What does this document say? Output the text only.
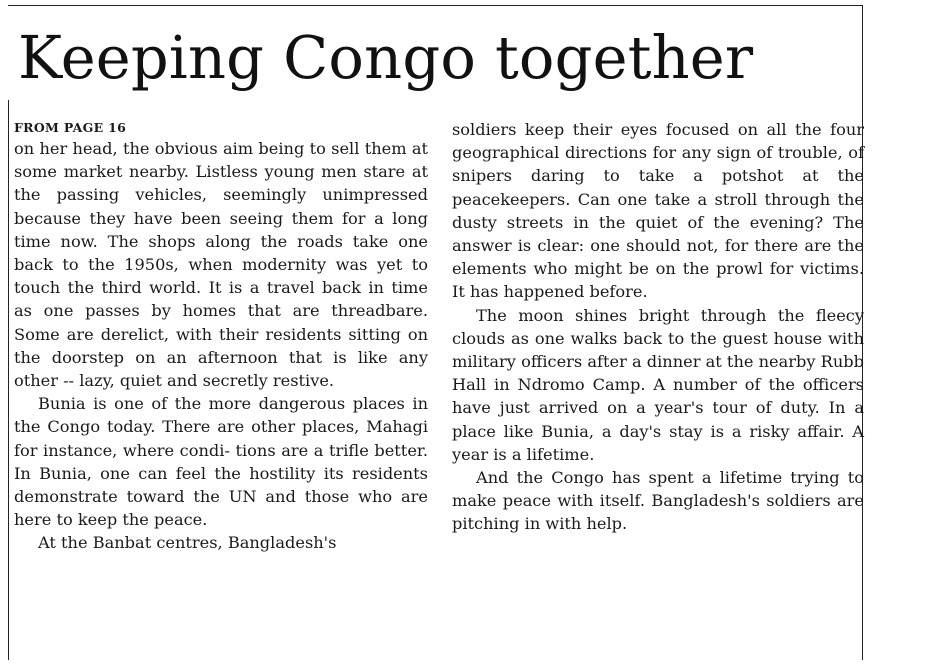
Keeping Congo together
FROM PAGE 16

on her head, the obvious aim being to sell them at some market nearby. Listless young men stare at the passing vehicles, seemingly unimpressed because they have been seeing them for a long time now. The shops along the roads take one back to the 1950s, when modernity was yet to touch the third world. It is a travel back in time as one passes by homes that are threadbare. Some are derelict, with their residents sitting on the doorstep on an afternoon that is like any other -- lazy, quiet and secretly restive.

Bunia is one of the more dangerous places in the Congo today. There are other places, Mahagi for instance, where condi- tions are a trifle better. In Bunia, one can feel the hostility its residents demonstrate toward the UN and those who are here to keep the peace.

At the Banbat centres, Bangladesh's

soldiers keep their eyes focused on all the four geographical directions for any sign of trouble, of snipers daring to take a potshot at the peacekeepers. Can one take a stroll through the dusty streets in the quiet of the evening? The answer is clear: one should not, for there are the elements who might be on the prowl for victims. It has happened before.

The moon shines bright through the fleecy clouds as one walks back to the guest house with military officers after a dinner at the nearby Rubb Hall in Ndromo Camp. A number of the officers have just arrived on a year's tour of duty. In a place like Bunia, a day's stay is a risky affair. A year is a lifetime.

And the Congo has spent a lifetime trying to make peace with itself. Bangladesh's soldiers are pitching in with help.
